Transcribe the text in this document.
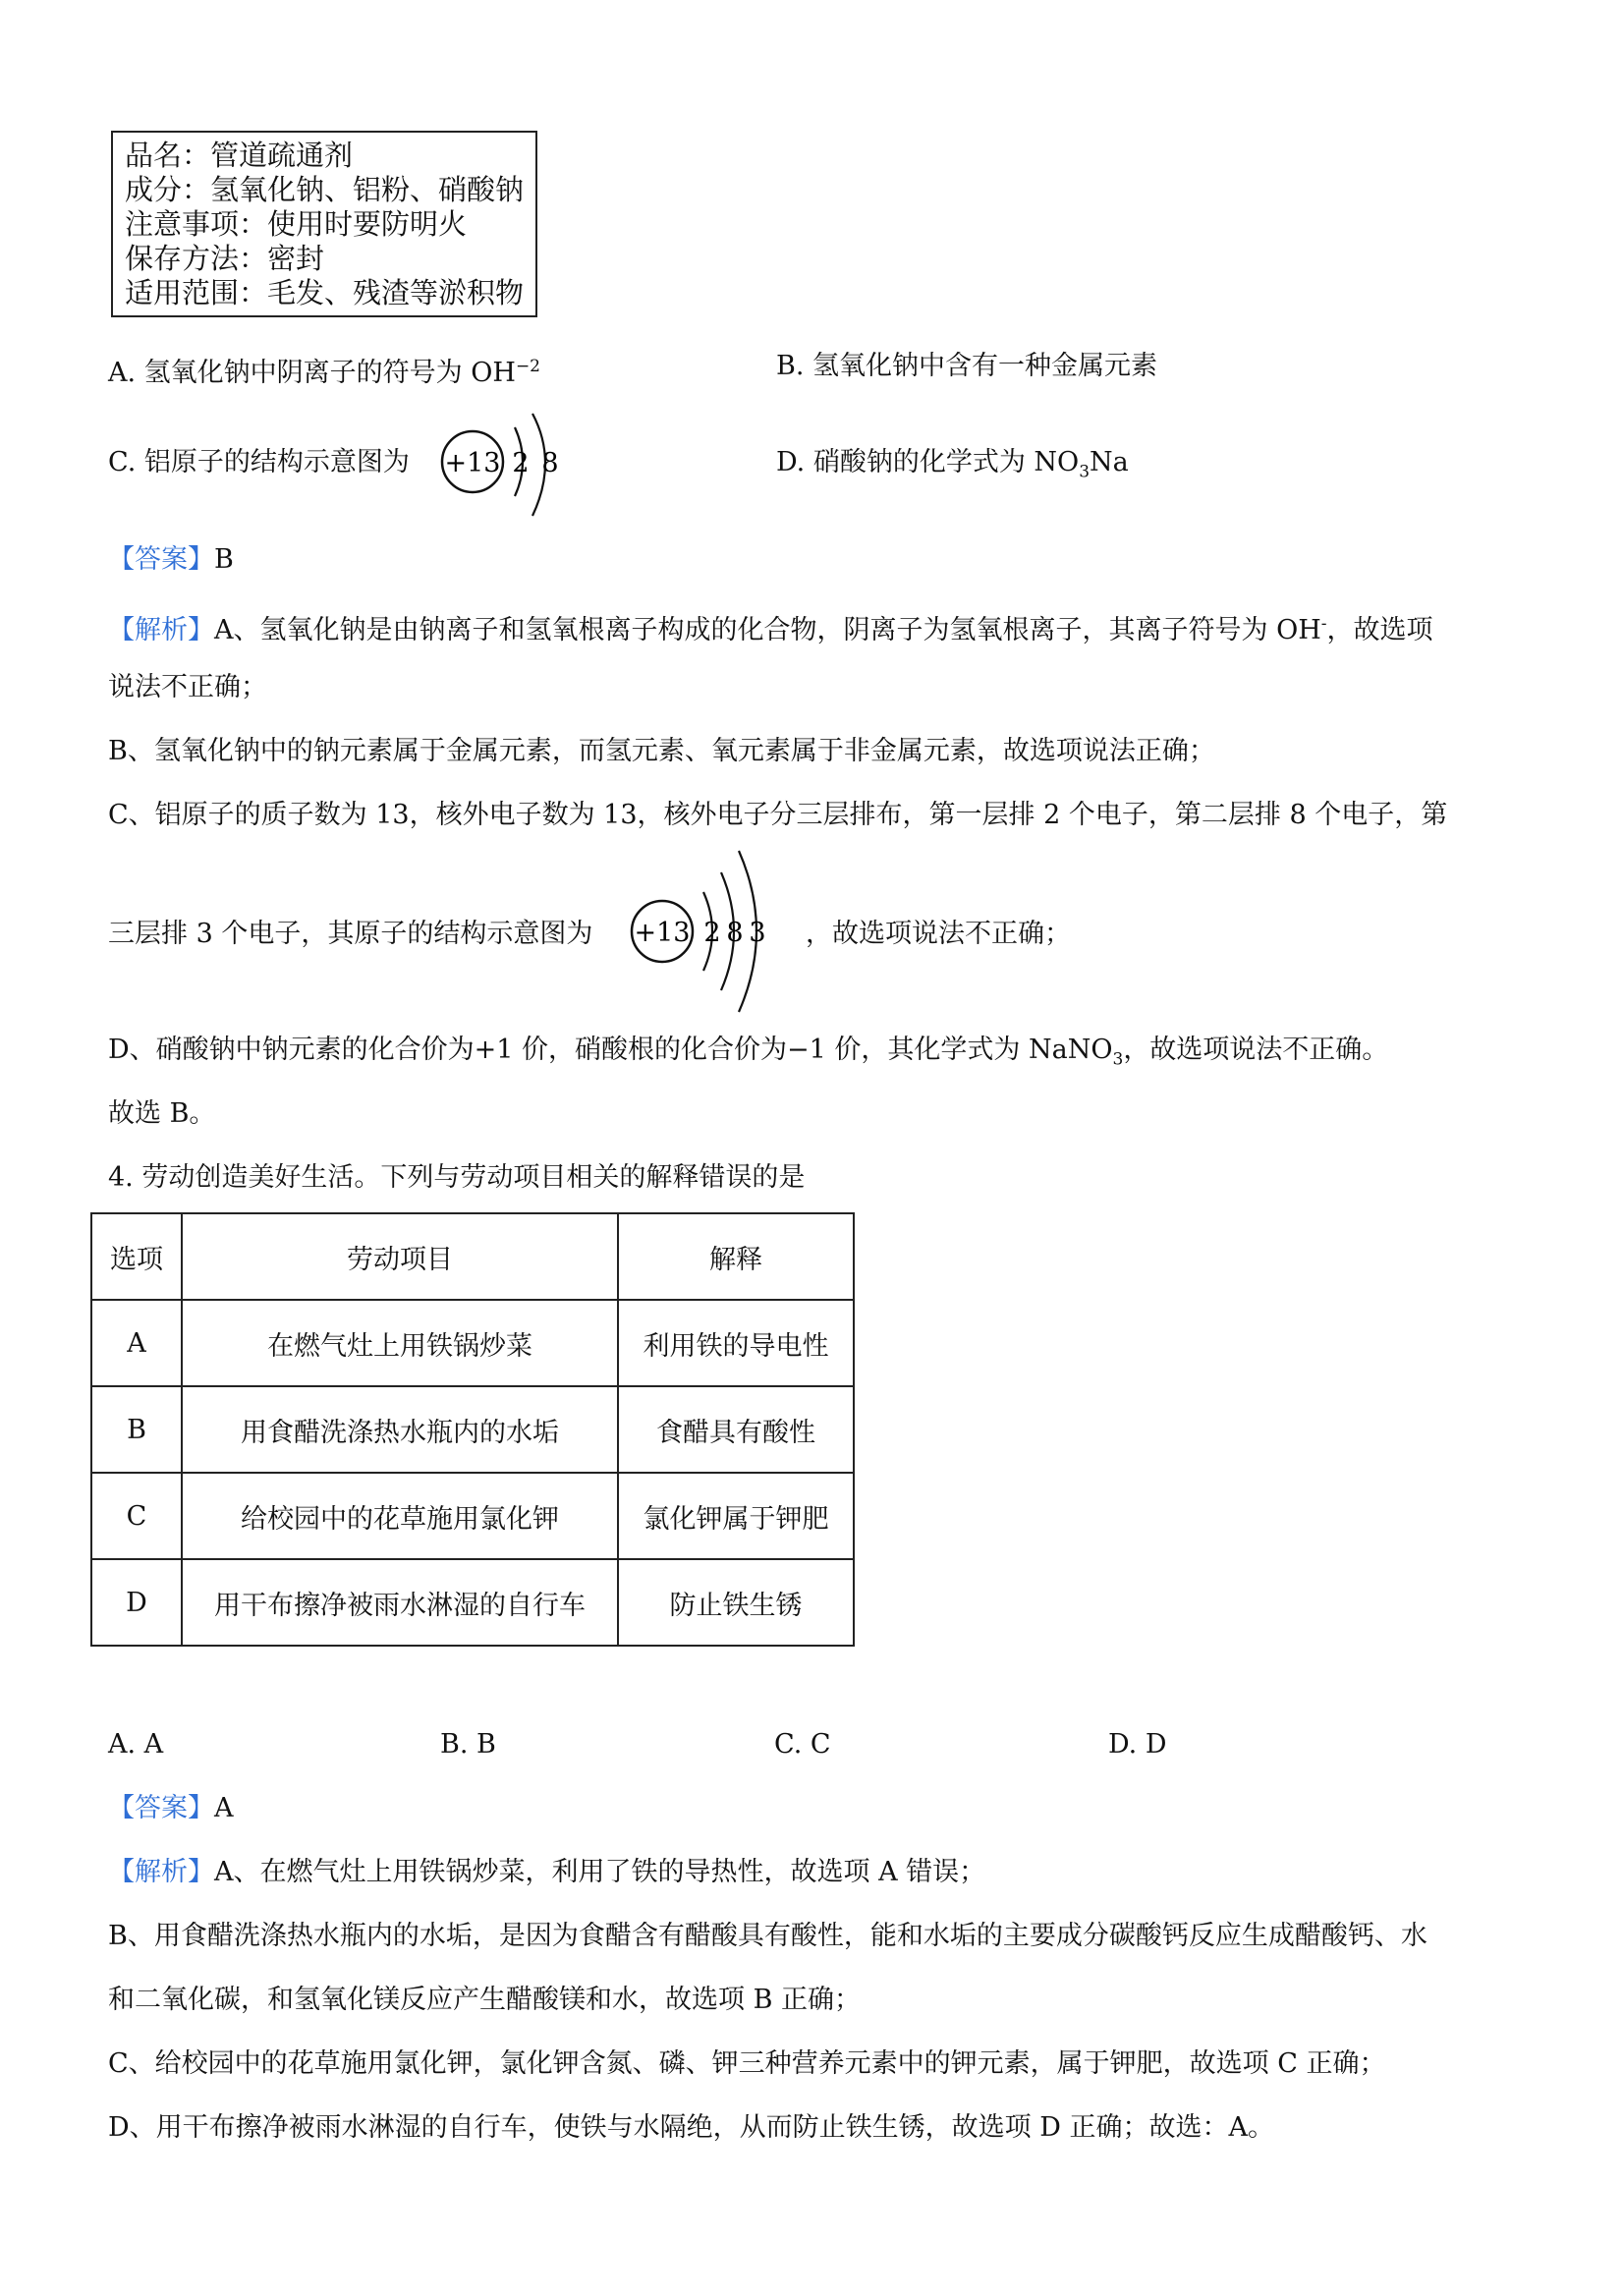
品名：管道疏通剂
成分：氢氧化钠、铝粉、硝酸钠
注意事项：使用时要防明火
保存方法：密封
适用范围：毛发、残渣等淤积物
A. 氢氧化钠中阴离子的符号为 $OH^{-2}$	B. 氢氧化钠中含有一种金属元素
C. 铝原子的结构示意图为 +13 2 8	D. 硝酸钠的化学式为 $NO_3Na$
【答案】B
【解析】A、氢氧化钠是由钠离子和氢氧根离子构成的化合物，阴离子为氢氧根离子，其离子符号为 OH-，故选项
说法不正确；
B、氢氧化钠中的钠元素属于金属元素，而氢元素、氧元素属于非金属元素，故选项说法正确；
C、铝原子的质子数为 13，核外电子数为 13，核外电子分三层排布，第一层排 2 个电子，第二层排 8 个电子，第
三层排 3 个电子，其原子的结构示意图为 +13 2 8 3 ，故选项说法不正确；
D、硝酸钠中钠元素的化合价为+1 价，硝酸根的化合价为−1 价，其化学式为 NaNO$_3$，故选项说法不正确。
故选 B。
4. 劳动创造美好生活。下列与劳动项目相关的解释错误的是
选项	劳动项目	解释
A	在燃气灶上用铁锅炒菜	利用铁的导电性
B	用食醋洗涤热水瓶内的水垢	食醋具有酸性
C	给校园中的花草施用氯化钾	氯化钾属于钾肥
D	用干布擦净被雨水淋湿的自行车	防止铁生锈
A. A	B. B	C. C	D. D
【答案】A
【解析】A、在燃气灶上用铁锅炒菜，利用了铁的导热性，故选项 A 错误；
B、用食醋洗涤热水瓶内的水垢，是因为食醋含有醋酸具有酸性，能和水垢的主要成分碳酸钙反应生成醋酸钙、水
和二氧化碳，和氢氧化镁反应产生醋酸镁和水，故选项 B 正确；
C、给校园中的花草施用氯化钾，氯化钾含氮、磷、钾三种营养元素中的钾元素，属于钾肥，故选项 C 正确；
D、用干布擦净被雨水淋湿的自行车，使铁与水隔绝，从而防止铁生锈，故选项 D 正确；故选：A。
